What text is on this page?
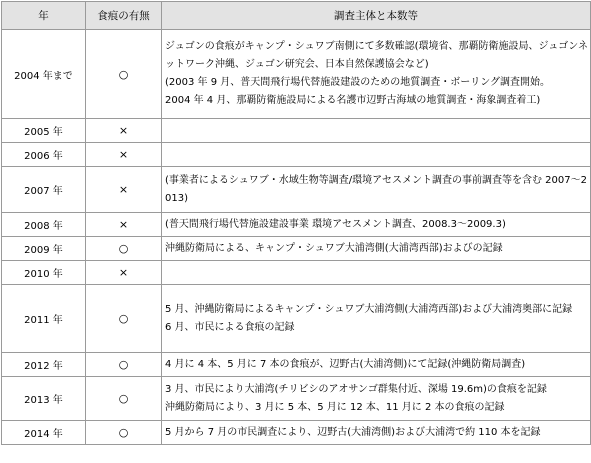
年	食痕の有無	調査主体と本数等
2004 年まで	○	ジュゴンの食痕がキャンプ・シュワブ南側にて多数確認(環境省、那覇防衛施設局、ジュゴンネットワーク沖縄、ジュゴン研究会、日本自然保護協会など)
(2003 年 9 月、普天間飛行場代替施設建設のための地質調査・ボーリング調査開始。
2004 年 4 月、那覇防衛施設局による名護市辺野古海域の地質調査・海象調査着工)

2005 年	×	
2006 年	×	
2007 年	×	(事業者によるシュワブ・水域生物等調査/環境アセスメント調査の事前調査等を含む 2007～2013)

2008 年	×	(普天間飛行場代替施設建設事業 環境アセスメント調査、2008.3～2009.3)

2009 年	○	沖縄防衛局による、キャンプ・シュワブ大浦湾側(大浦湾西部)およびの記録

2010 年	×	
2011 年	○	5 月、沖縄防衛局によるキャンプ・シュワブ大浦湾側(大浦湾西部)および大浦湾奥部に記録
6 月、市民による食痕の記録

2012 年	○	4 月に 4 本、5 月に 7 本の食痕が、辺野古(大浦湾側)にて記録(沖縄防衛局調査)

2013 年	○	3 月、市民により大浦湾(チリビシのアオサンゴ群集付近、深場 19.6m)の食痕を記録
沖縄防衛局により、3 月に 5 本、5 月に 12 本、11 月に 2 本の食痕の記録

2014 年	○	5 月から 7 月の市民調査により、辺野古(大浦湾側)および大浦湾で約 110 本を記録
